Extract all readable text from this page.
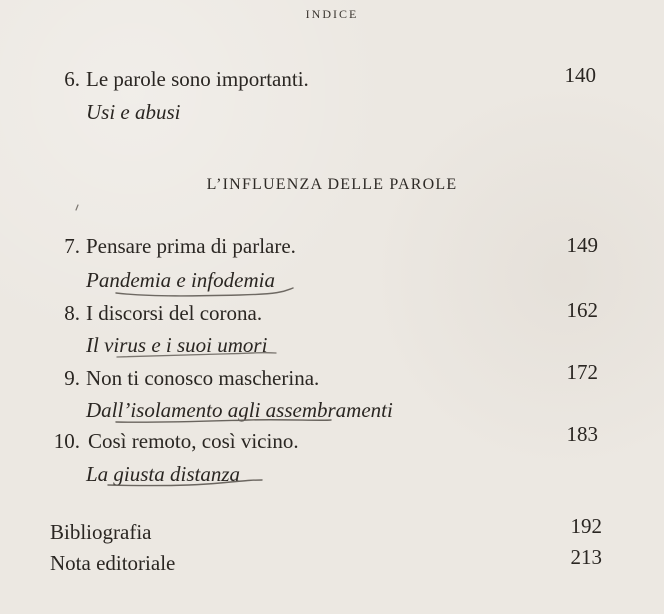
INDICE
6. Le parole sono importanti.	140
Usi e abusi
L’INFLUENZA DELLE PAROLE
7. Pensare prima di parlare.	149
Pandemia e infodemia
8. I discorsi del corona.	162
Il virus e i suoi umori
9. Non ti conosco mascherina.	172
Dall’isolamento agli assembramenti
10. Così remoto, così vicino.	183
La giusta distanza
Bibliografia	192
Nota editoriale	213
